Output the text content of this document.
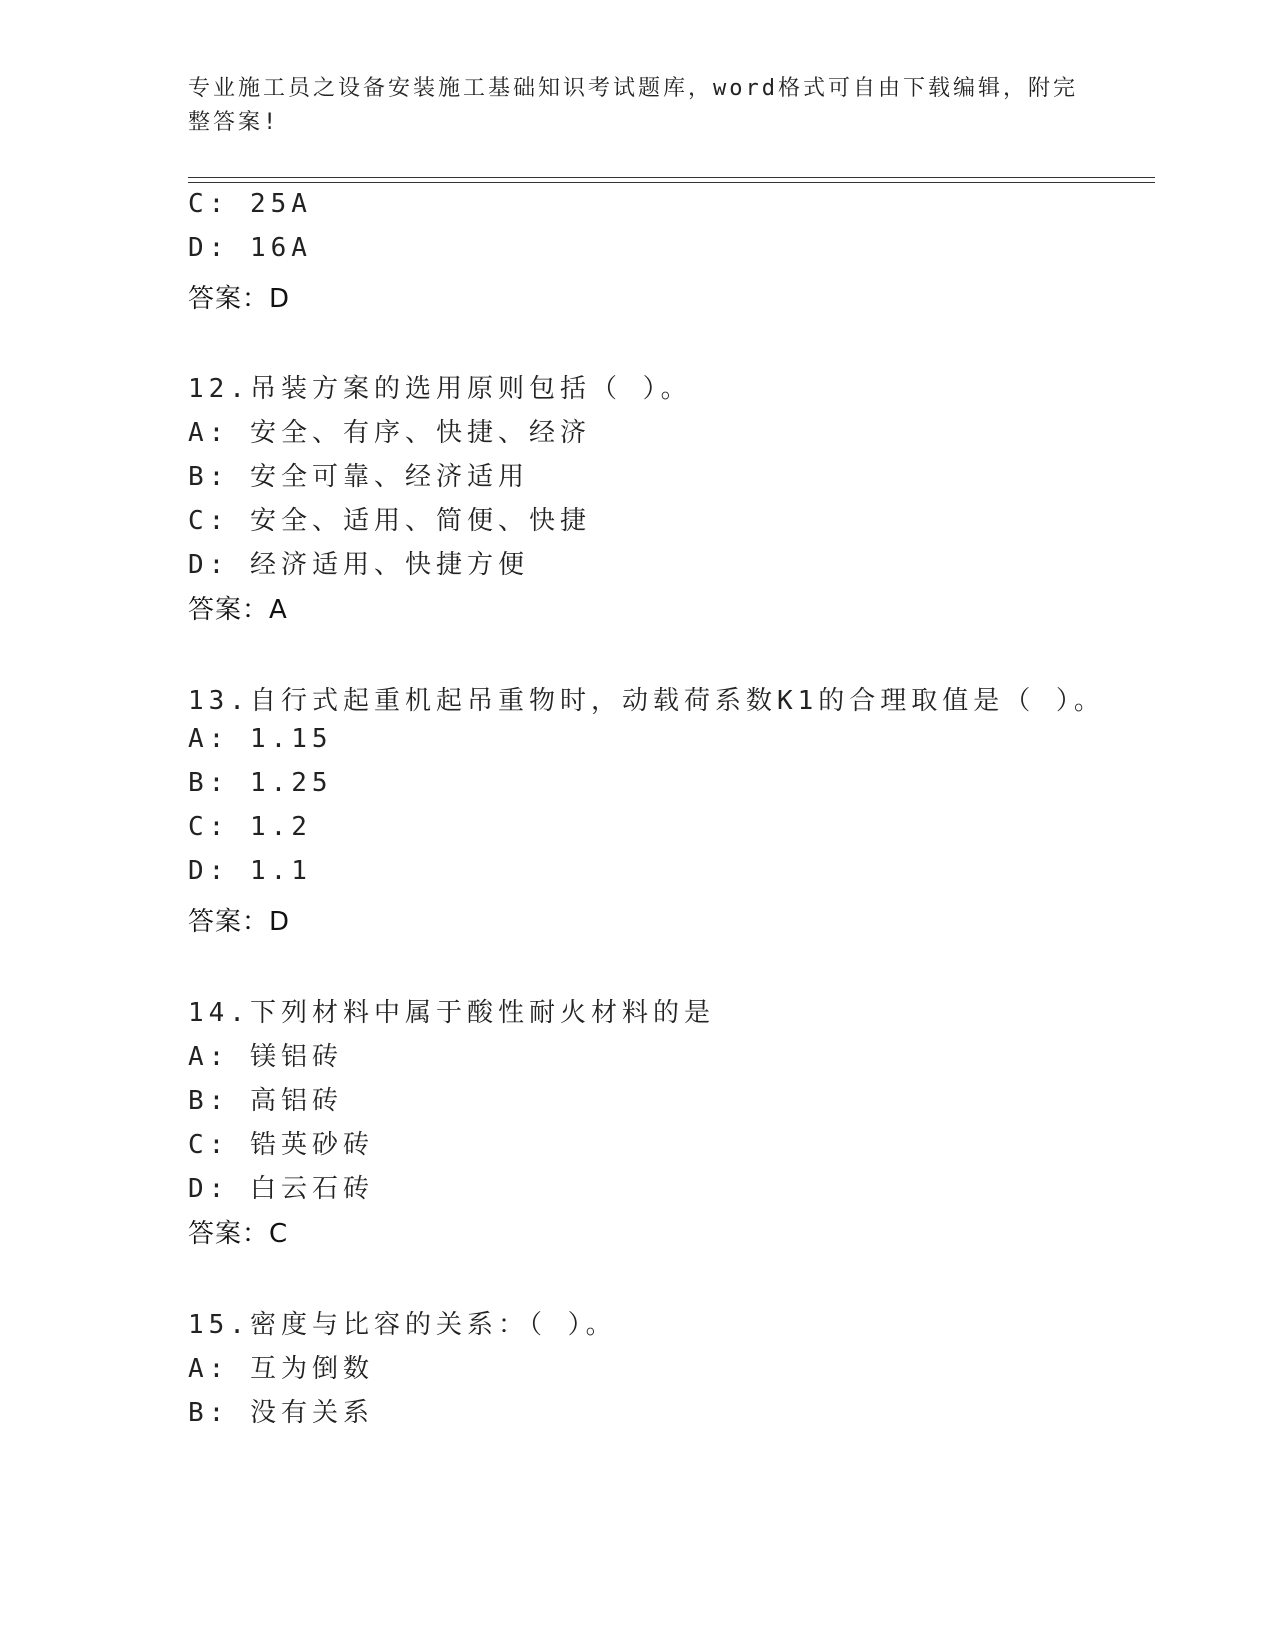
专业施工员之设备安装施工基础知识考试题库，word格式可自由下载编辑，附完
整答案!
C: 25A
D: 16A
答案：D
12.吊装方案的选用原则包括（ ）。
A: 安全、有序、快捷、经济
B: 安全可靠、经济适用
C: 安全、适用、简便、快捷
D: 经济适用、快捷方便
答案：A
13.自行式起重机起吊重物时，动载荷系数K1的合理取值是（ ）。
A: 1.15
B: 1.25
C: 1.2
D: 1.1
答案：D
14.下列材料中属于酸性耐火材料的是
A: 镁铝砖
B: 高铝砖
C: 锆英砂砖
D: 白云石砖
答案：C
15.密度与比容的关系：（ ）。
A: 互为倒数
B: 没有关系
